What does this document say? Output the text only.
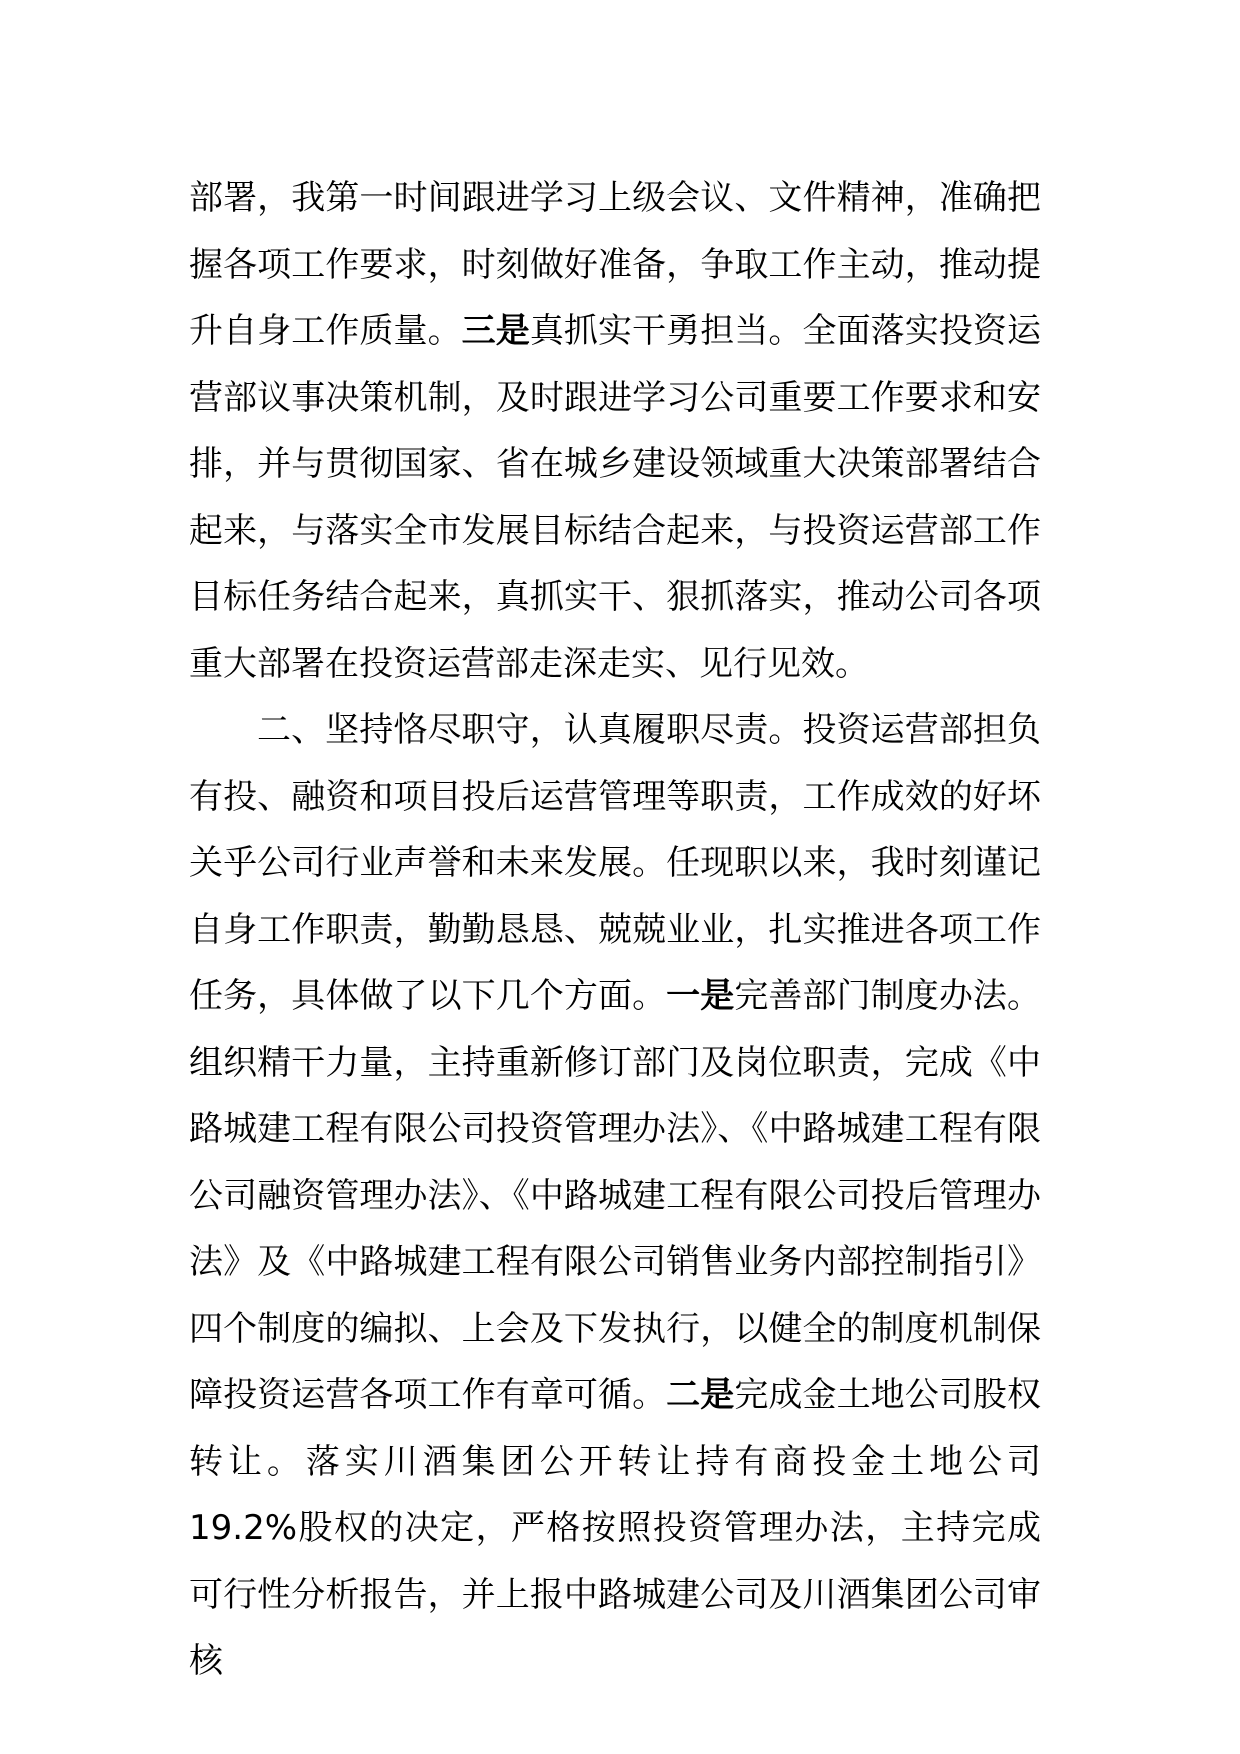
部署，我第一时间跟进学习上级会议、文件精神，准确把握各项工作要求，时刻做好准备，争取工作主动，推动提升自身工作质量。三是真抓实干勇担当。全面落实投资运营部议事决策机制，及时跟进学习公司重要工作要求和安排，并与贯彻国家、省在城乡建设领域重大决策部署结合起来，与落实全市发展目标结合起来，与投资运营部工作目标任务结合起来，真抓实干、狠抓落实，推动公司各项重大部署在投资运营部走深走实、见行见效。

二、坚持恪尽职守，认真履职尽责。投资运营部担负有投、融资和项目投后运营管理等职责，工作成效的好坏关乎公司行业声誉和未来发展。任现职以来，我时刻谨记自身工作职责，勤勤恳恳、兢兢业业，扎实推进各项工作任务，具体做了以下几个方面。一是完善部门制度办法。组织精干力量，主持重新修订部门及岗位职责，完成《中路城建工程有限公司投资管理办法》、《中路城建工程有限公司融资管理办法》、《中路城建工程有限公司投后管理办法》及《中路城建工程有限公司销售业务内部控制指引》四个制度的编拟、上会及下发执行，以健全的制度机制保障投资运营各项工作有章可循。二是完成金土地公司股权转让。落实川酒集团公开转让持有商投金土地公司19.2%股权的决定，严格按照投资管理办法，主持完成可行性分析报告，并上报中路城建公司及川酒集团公司审核
